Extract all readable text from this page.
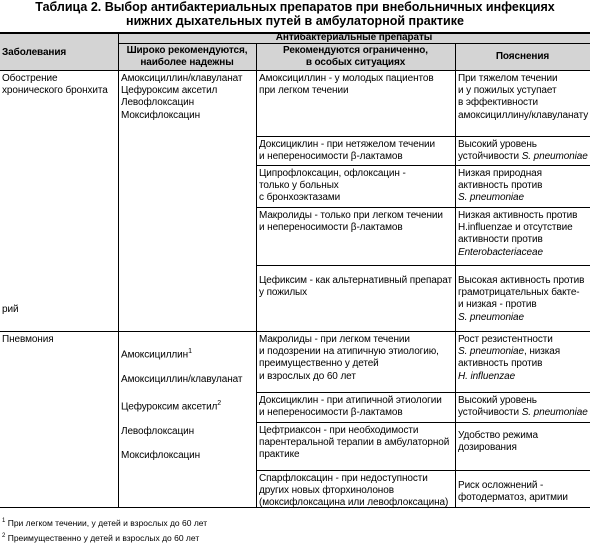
Таблица 2. Выбор антибактериальных препаратов при внебольничных инфекциях
нижних дыхательных путей в амбулаторной практике
Заболевания
Антибактериальные препараты
Широко рекомендуются,
наиболее надежны
Рекомендуются ограниченно,
в особых ситуациях
Пояснения
Обострение
хронического бронхита
рий
Амоксициллин/клавуланат
Цефуроксим аксетил
Левофлоксацин
Моксифлоксацин
Амоксициллин - у молодых пациентов
при легком течении
При тяжелом течении
и у пожилых уступает
в эффективности
амоксициллину/клавуланату
Доксициклин - при нетяжелом течении
и непереносимости β-лактамов
Высокий уровень
устойчивости S. pneumoniae
Ципрофлоксацин, офлоксацин -
только у больных
с бронхоэктазами
Низкая природная
активность против
S. pneumoniae
Макролиды - только при легком течении
и непереносимости β-лактамов
Низкая активность против
H.influenzae и отсутствие
активности против
Enterobacteriaceae
Цефиксим - как альтернативный препарат
у пожилых
Высокая активность против
грамотрицательных бакте-
и низкая - против
S. pneumoniae
Пневмония

Амоксициллин$^1$

Амоксициллин/клавуланат

Цефуроксим аксетил$^2$

Левофлоксацин

Моксифлоксацин

Макролиды - при легком течении
и подозрении на атипичную этиологию,
преимущественно у детей
и взрослых до 60 лет
Рост резистентности
S. pneumoniae, низкая
активность против
H. influenzae
Доксициклин - при атипичной этиологии
и непереносимости β-лактамов
Высокий уровень
устойчивости S. pneumoniae
Цефтриаксон - при необходимости
парентеральной терапии в амбулаторной
практике
Удобство режима
дозирования
Спарфлоксацин - при недоступности
других новых фторхинолонов
(моксифлоксацина или левофлоксацина)
Риск осложнений -
фотодерматоз, аритмии
$^1$ При легком течении, у детей и взрослых до 60 лет
$^2$ Преимущественно у детей и взрослых до 60 лет
